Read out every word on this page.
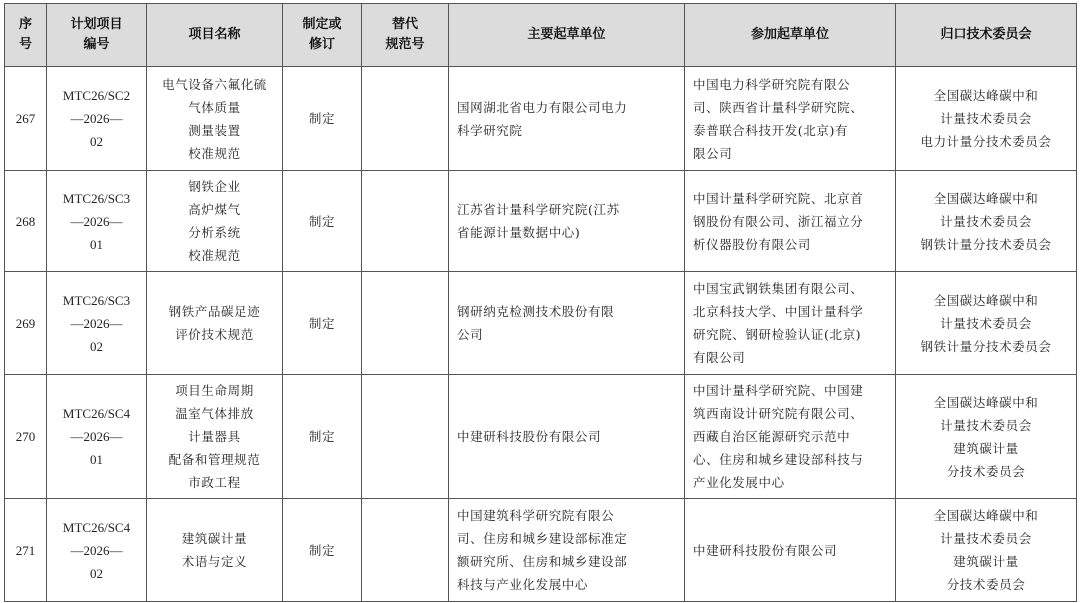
序
号	计划项目
编号	项目名称	制定或
修订	替代
规范号	主要起草单位	参加起草单位	归口技术委员会

267	MTC26/SC2
—2026—
02	电气设备六氟化硫
气体质量
测量装置
校准规范	制定		国网湖北省电力有限公司电力
科学研究院	中国电力科学研究院有限公
司、陕西省计量科学研究院、
泰普联合科技开发(北京)有
限公司	全国碳达峰碳中和
计量技术委员会
电力计量分技术委员会

268	MTC26/SC3
—2026—
01	钢铁企业
高炉煤气
分析系统
校准规范	制定		江苏省计量科学研究院(江苏
省能源计量数据中心)	中国计量科学研究院、北京首
钢股份有限公司、浙江福立分
析仪器股份有限公司	全国碳达峰碳中和
计量技术委员会
钢铁计量分技术委员会

269	MTC26/SC3
—2026—
02	钢铁产品碳足迹
评价技术规范	制定		钢研纳克检测技术股份有限
公司	中国宝武钢铁集团有限公司、
北京科技大学、中国计量科学
研究院、钢研检验认证(北京)
有限公司	全国碳达峰碳中和
计量技术委员会
钢铁计量分技术委员会

270	MTC26/SC4
—2026—
01	项目生命周期
温室气体排放
计量器具
配备和管理规范
市政工程	制定		中建研科技股份有限公司	中国计量科学研究院、中国建
筑西南设计研究院有限公司、
西藏自治区能源研究示范中
心、住房和城乡建设部科技与
产业化发展中心	全国碳达峰碳中和
计量技术委员会
建筑碳计量
分技术委员会

271	MTC26/SC4
—2026—
02	建筑碳计量
术语与定义	制定		中国建筑科学研究院有限公
司、住房和城乡建设部标准定
额研究所、住房和城乡建设部
科技与产业化发展中心	中建研科技股份有限公司	全国碳达峰碳中和
计量技术委员会
建筑碳计量
分技术委员会
